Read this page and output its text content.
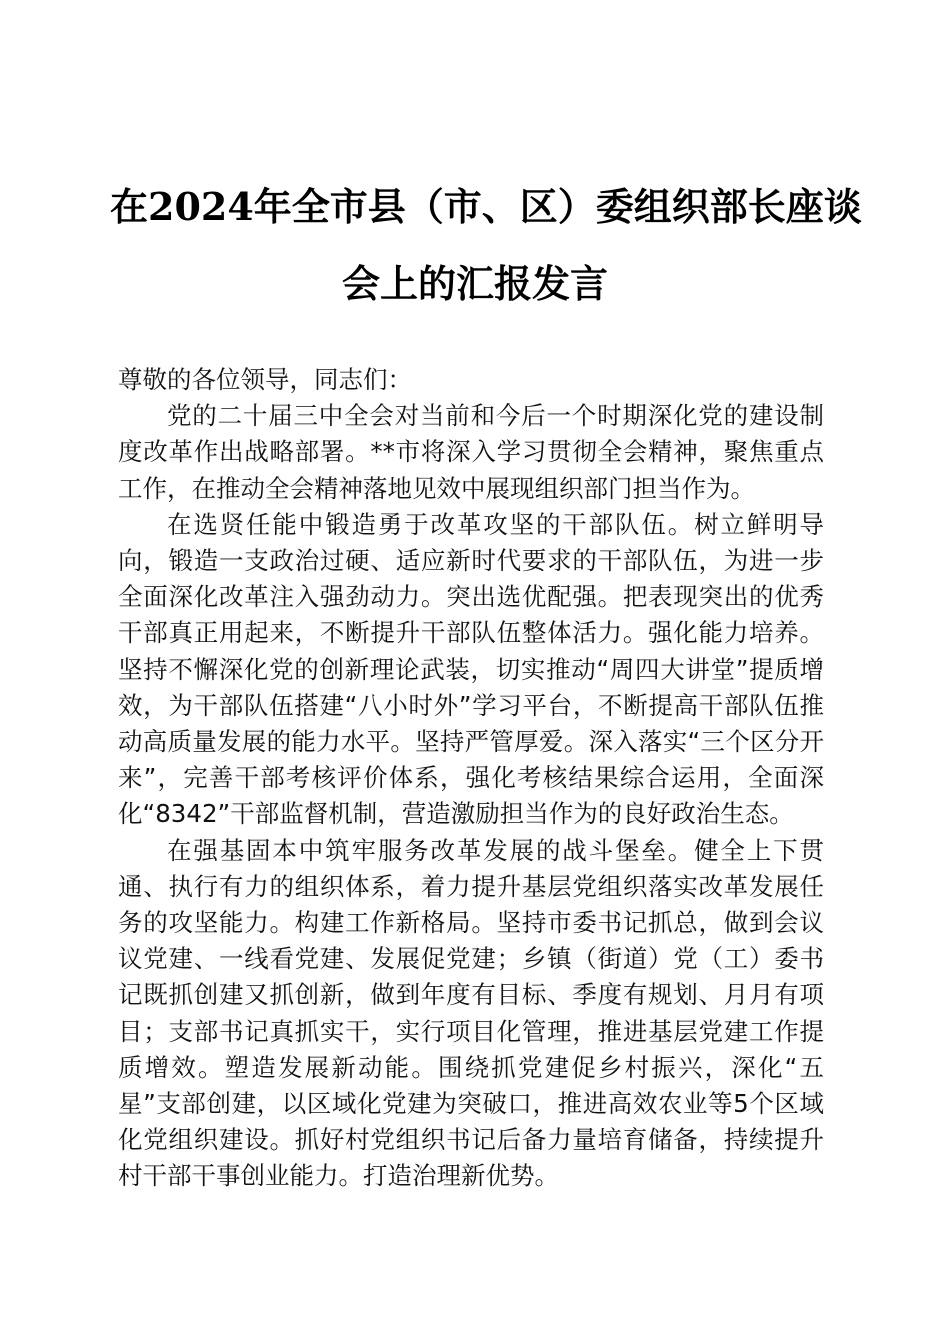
在2024年全市县（市、区）委组织部长座谈
会上的汇报发言

尊敬的各位领导，同志们：

党的二十届三中全会对当前和今后一个时期深化党的建设制度改革作出战略部署。**市将深入学习贯彻全会精神，聚焦重点工作，在推动全会精神落地见效中展现组织部门担当作为。

在选贤任能中锻造勇于改革攻坚的干部队伍。树立鲜明导向，锻造一支政治过硬、适应新时代要求的干部队伍，为进一步全面深化改革注入强劲动力。突出选优配强。把表现突出的优秀干部真正用起来，不断提升干部队伍整体活力。强化能力培养。坚持不懈深化党的创新理论武装，切实推动“周四大讲堂”提质增效，为干部队伍搭建“八小时外”学习平台，不断提高干部队伍推动高质量发展的能力水平。坚持严管厚爱。深入落实“三个区分开来”，完善干部考核评价体系，强化考核结果综合运用，全面深化“8342”干部监督机制，营造激励担当作为的良好政治生态。

在强基固本中筑牢服务改革发展的战斗堡垒。健全上下贯通、执行有力的组织体系，着力提升基层党组织落实改革发展任务的攻坚能力。构建工作新格局。坚持市委书记抓总，做到会议议党建、一线看党建、发展促党建；乡镇（街道）党（工）委书记既抓创建又抓创新，做到年度有目标、季度有规划、月月有项目；支部书记真抓实干，实行项目化管理，推进基层党建工作提质增效。塑造发展新动能。围绕抓党建促乡村振兴，深化“五星”支部创建，以区域化党建为突破口，推进高效农业等5个区域化党组织建设。抓好村党组织书记后备力量培育储备，持续提升村干部干事创业能力。打造治理新优势。
